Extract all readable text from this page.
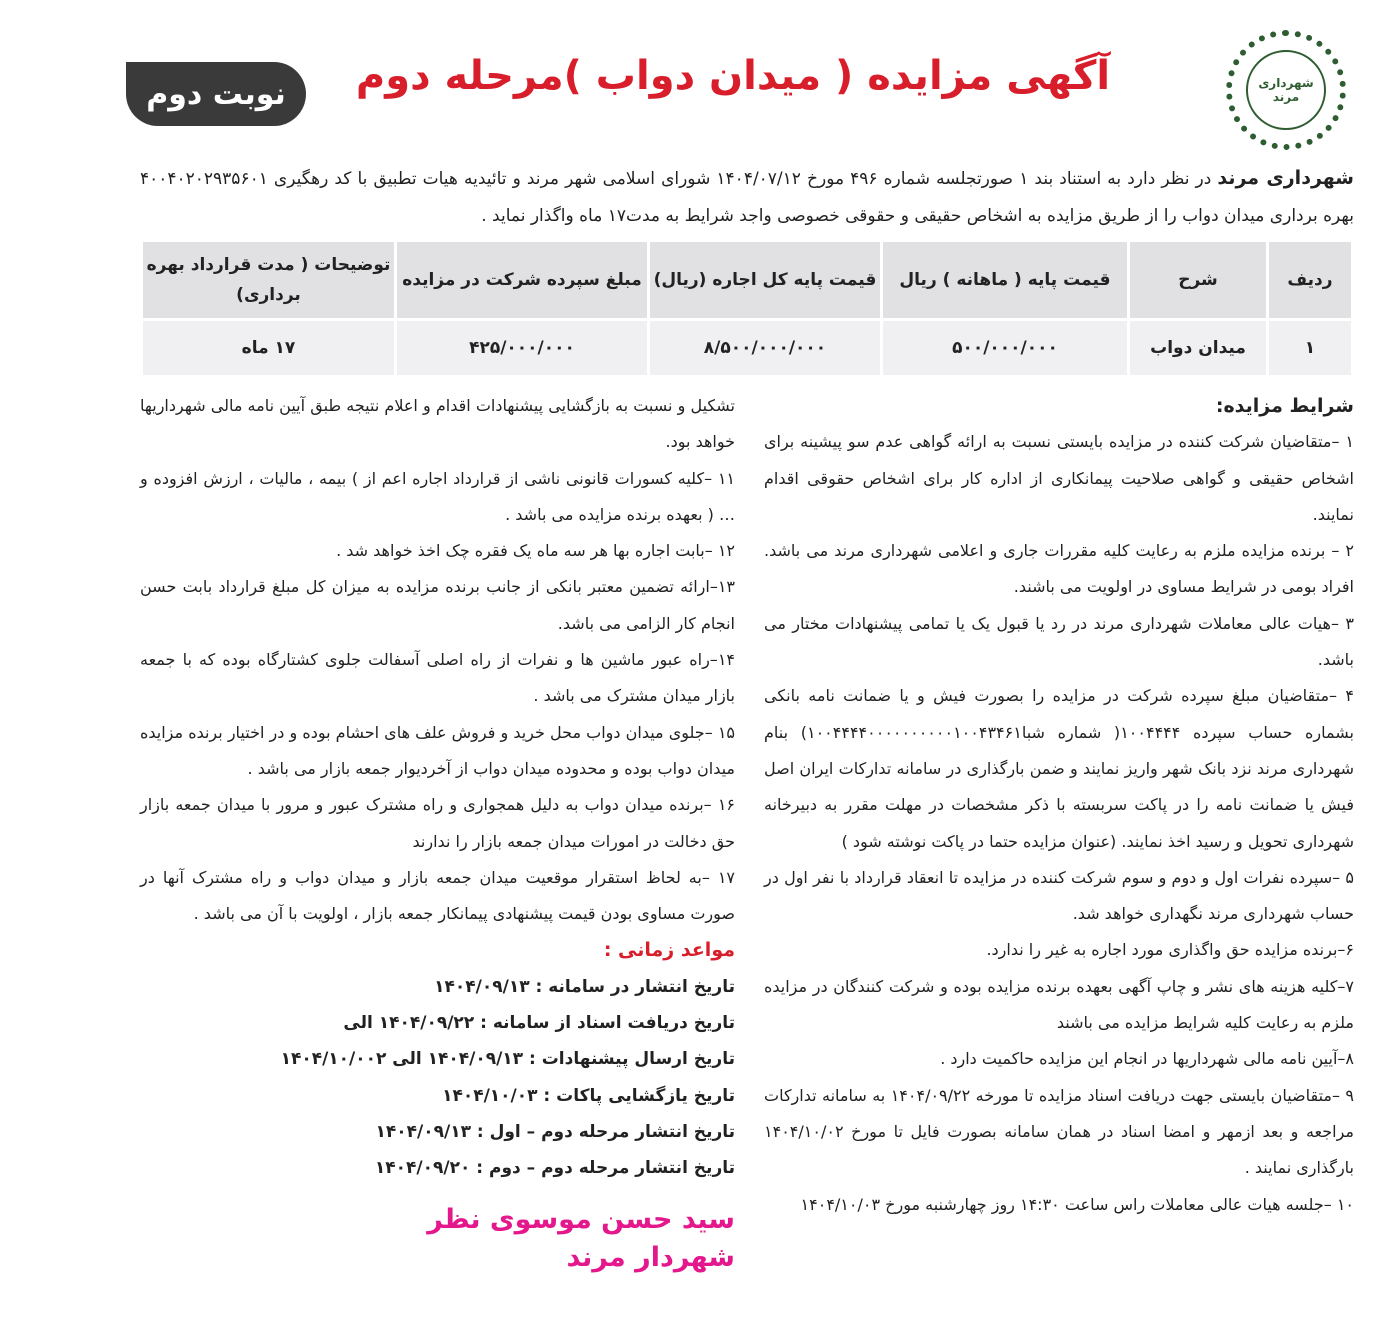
شهرداری مرند
آگهی مزایده ( میدان دواب )مرحله دوم
نوبت دوم
شهرداری مرند در نظر دارد به استناد بند ۱ صورتجلسه شماره ۴۹۶ مورخ ۱۴۰۴/۰۷/۱۲ شورای اسلامی شهر مرند و تائیدیه هیات تطبیق با کد رهگیری ۴۰۰۴۰۲۰۲۹۳۵۶۰۱ بهره برداری میدان دواب را از طریق مزایده به اشخاص حقیقی و حقوقی خصوصی واجد شرایط به مدت۱۷ ماه واگذار نماید .
ردیف	شرح	قیمت پایه ( ماهانه ) ریال	قیمت پایه کل اجاره (ریال)	مبلغ سپرده شرکت در مزایده	توضیحات ( مدت قرارداد بهره برداری)
۱	میدان دواب	۵۰۰/۰۰۰/۰۰۰	۸/۵۰۰/۰۰۰/۰۰۰	۴۲۵/۰۰۰/۰۰۰	۱۷ ماه

شرایط مزایده:

۱ –متقاضیان شرکت کننده در مزایده بایستی نسبت به ارائه گواهی عدم سو پیشینه برای اشخاص حقیقی و گواهی صلاحیت پیمانکاری از اداره کار برای اشخاص حقوقی اقدام نمایند.

۲ – برنده مزایده ملزم به رعایت کلیه مقررات جاری و اعلامی شهرداری مرند می باشد. افراد بومی در شرایط مساوی در اولویت می باشند.

۳ –هیات عالی معاملات شهرداری مرند در رد یا قبول یک یا تمامی پیشنهادات مختار می باشد.

۴ –متقاضیان مبلغ سپرده شرکت در مزایده را بصورت فیش و یا ضمانت نامه بانکی بشماره حساب سپرده ۱۰۰۴۴۴۴( شماره شبا۱۰۰۴۴۴۴۰۰۰۰۰۰۰۰۰۰۱۰۰۴۳۴۶۱) بنام شهرداری مرند نزد بانک شهر واریز نمایند و ضمن بارگذاری در سامانه تدارکات ایران اصل فیش یا ضمانت نامه را در پاکت سربسته با ذکر مشخصات در مهلت مقرر به دبیرخانه شهرداری تحویل و رسید اخذ نمایند. (عنوان مزایده حتما در پاکت نوشته شود )

۵ –سپرده نفرات اول و دوم و سوم شرکت کننده در مزایده تا انعقاد قرارداد با نفر اول در حساب شهرداری مرند نگهداری خواهد شد.

۶–برنده مزایده حق واگذاری مورد اجاره به غیر را ندارد.

۷–کلیه هزینه های نشر و چاپ آگهی بعهده برنده مزایده بوده و شرکت کنندگان در مزایده ملزم به رعایت کلیه شرایط مزایده می باشند

۸–آیین نامه مالی شهرداریها در انجام این مزایده حاکمیت دارد .

۹ –متقاضیان بایستی جهت دریافت اسناد مزایده تا مورخه ۱۴۰۴/۰۹/۲۲ به سامانه تدارکات مراجعه و بعد ازمهر و امضا اسناد در همان سامانه بصورت فایل تا مورخ ۱۴۰۴/۱۰/۰۲ بارگذاری نمایند .

۱۰ –جلسه هیات عالی معاملات راس ساعت ۱۴:۳۰ روز چهارشنبه مورخ ۱۴۰۴/۱۰/۰۳

تشکیل و نسبت به بازگشایی پیشنهادات اقدام و اعلام نتیجه طبق آیین نامه مالی شهرداریها خواهد بود.

۱۱ –کلیه کسورات قانونی ناشی از قرارداد اجاره اعم از ) بیمه ، مالیات ، ارزش افزوده و … ( بعهده برنده مزایده می باشد .

۱۲ –بابت اجاره بها هر سه ماه یک فقره چک اخذ خواهد شد .

۱۳–ارائه تضمین معتبر بانکی از جانب برنده مزایده به میزان کل مبلغ قرارداد بابت حسن انجام کار الزامی می باشد.

۱۴–راه عبور ماشین ها و نفرات از راه اصلی آسفالت جلوی کشتارگاه بوده که با جمعه بازار میدان مشترک می باشد .

۱۵ –جلوی میدان دواب محل خرید و فروش علف های احشام بوده و در اختیار برنده مزایده میدان دواب بوده و محدوده میدان دواب از آخردیوار جمعه بازار می باشد .

۱۶ –برنده میدان دواب به دلیل همجواری و راه مشترک عبور و مرور با میدان جمعه بازار حق دخالت در امورات میدان جمعه بازار را ندارند

۱۷ –به لحاظ استقرار موقعیت میدان جمعه بازار و میدان دواب و راه مشترک آنها در صورت مساوی بودن قیمت پیشنهادی پیمانکار جمعه بازار ، اولویت با آن می باشد .

مواعد زمانی :

تاریخ انتشار در سامانه : ۱۴۰۴/۰۹/۱۳

تاریخ دریافت اسناد از سامانه : ۱۴۰۴/۰۹/۲۲ الی

تاریخ ارسال پیشنهادات : ۱۴۰۴/۰۹/۱۳ الی ۱۴۰۴/۱۰/۰۰۲

تاریخ یازگشایی پاکات : ۱۴۰۴/۱۰/۰۳

تاریخ انتشار مرحله دوم – اول : ۱۴۰۴/۰۹/۱۳

تاریخ انتشار مرحله دوم – دوم : ۱۴۰۴/۰۹/۲۰

سید حسن موسوی نظر
شهردار مرند
